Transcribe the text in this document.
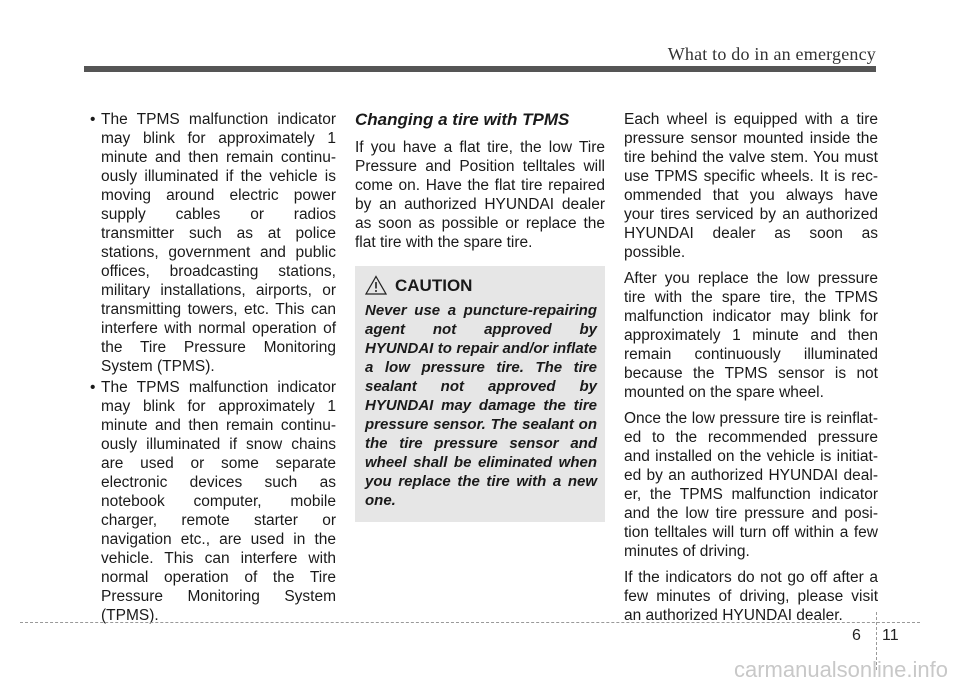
What to do in an emergency
• The TPMS malfunction indicator may blink for approximately 1 minute and then remain continuously illuminated if the vehicle is moving around electric power supply cables or radios transmitter such as at police stations, government and public offices, broadcasting stations, military installations, airports, or transmitting towers, etc. This can interfere with normal operation of the Tire Pressure Monitoring System (TPMS).
• The TPMS malfunction indicator may blink for approximately 1 minute and then remain continuously illuminated if snow chains are used or some separate electronic devices such as notebook computer, mobile charger, remote starter or navigation etc., are used in the vehicle. This can interfere with normal operation of the Tire Pressure Monitoring System (TPMS).
Changing a tire with TPMS

If you have a flat tire, the low Tire Pressure and Position telltales will come on. Have the flat tire repaired by an authorized HYUNDAI dealer as soon as possible or replace the flat tire with the spare tire.

CAUTION

Never use a puncture-repairing agent not approved by HYUNDAI to repair and/or inflate a low pressure tire. The tire sealant not approved by HYUNDAI may damage the tire pressure sensor. The sealant on the tire pressure sensor and wheel shall be eliminated when you replace the tire with a new one.

Each wheel is equipped with a tire pressure sensor mounted inside the tire behind the valve stem. You must use TPMS specific wheels. It is recommended that you always have your tires serviced by an authorized HYUNDAI dealer as soon as possible.

After you replace the low pressure tire with the spare tire, the TPMS malfunction indicator may blink for approximately 1 minute and then remain continuously illuminated because the TPMS sensor is not mounted on the spare wheel.

Once the low pressure tire is reinflated to the recommended pressure and installed on the vehicle is initiated by an authorized HYUNDAI dealer, the TPMS malfunction indicator and the low tire pressure and position telltales will turn off within a few minutes of driving.

If the indicators do not go off after a few minutes of driving, please visit an authorized HYUNDAI dealer.

6 11
carmanualsonline.info
